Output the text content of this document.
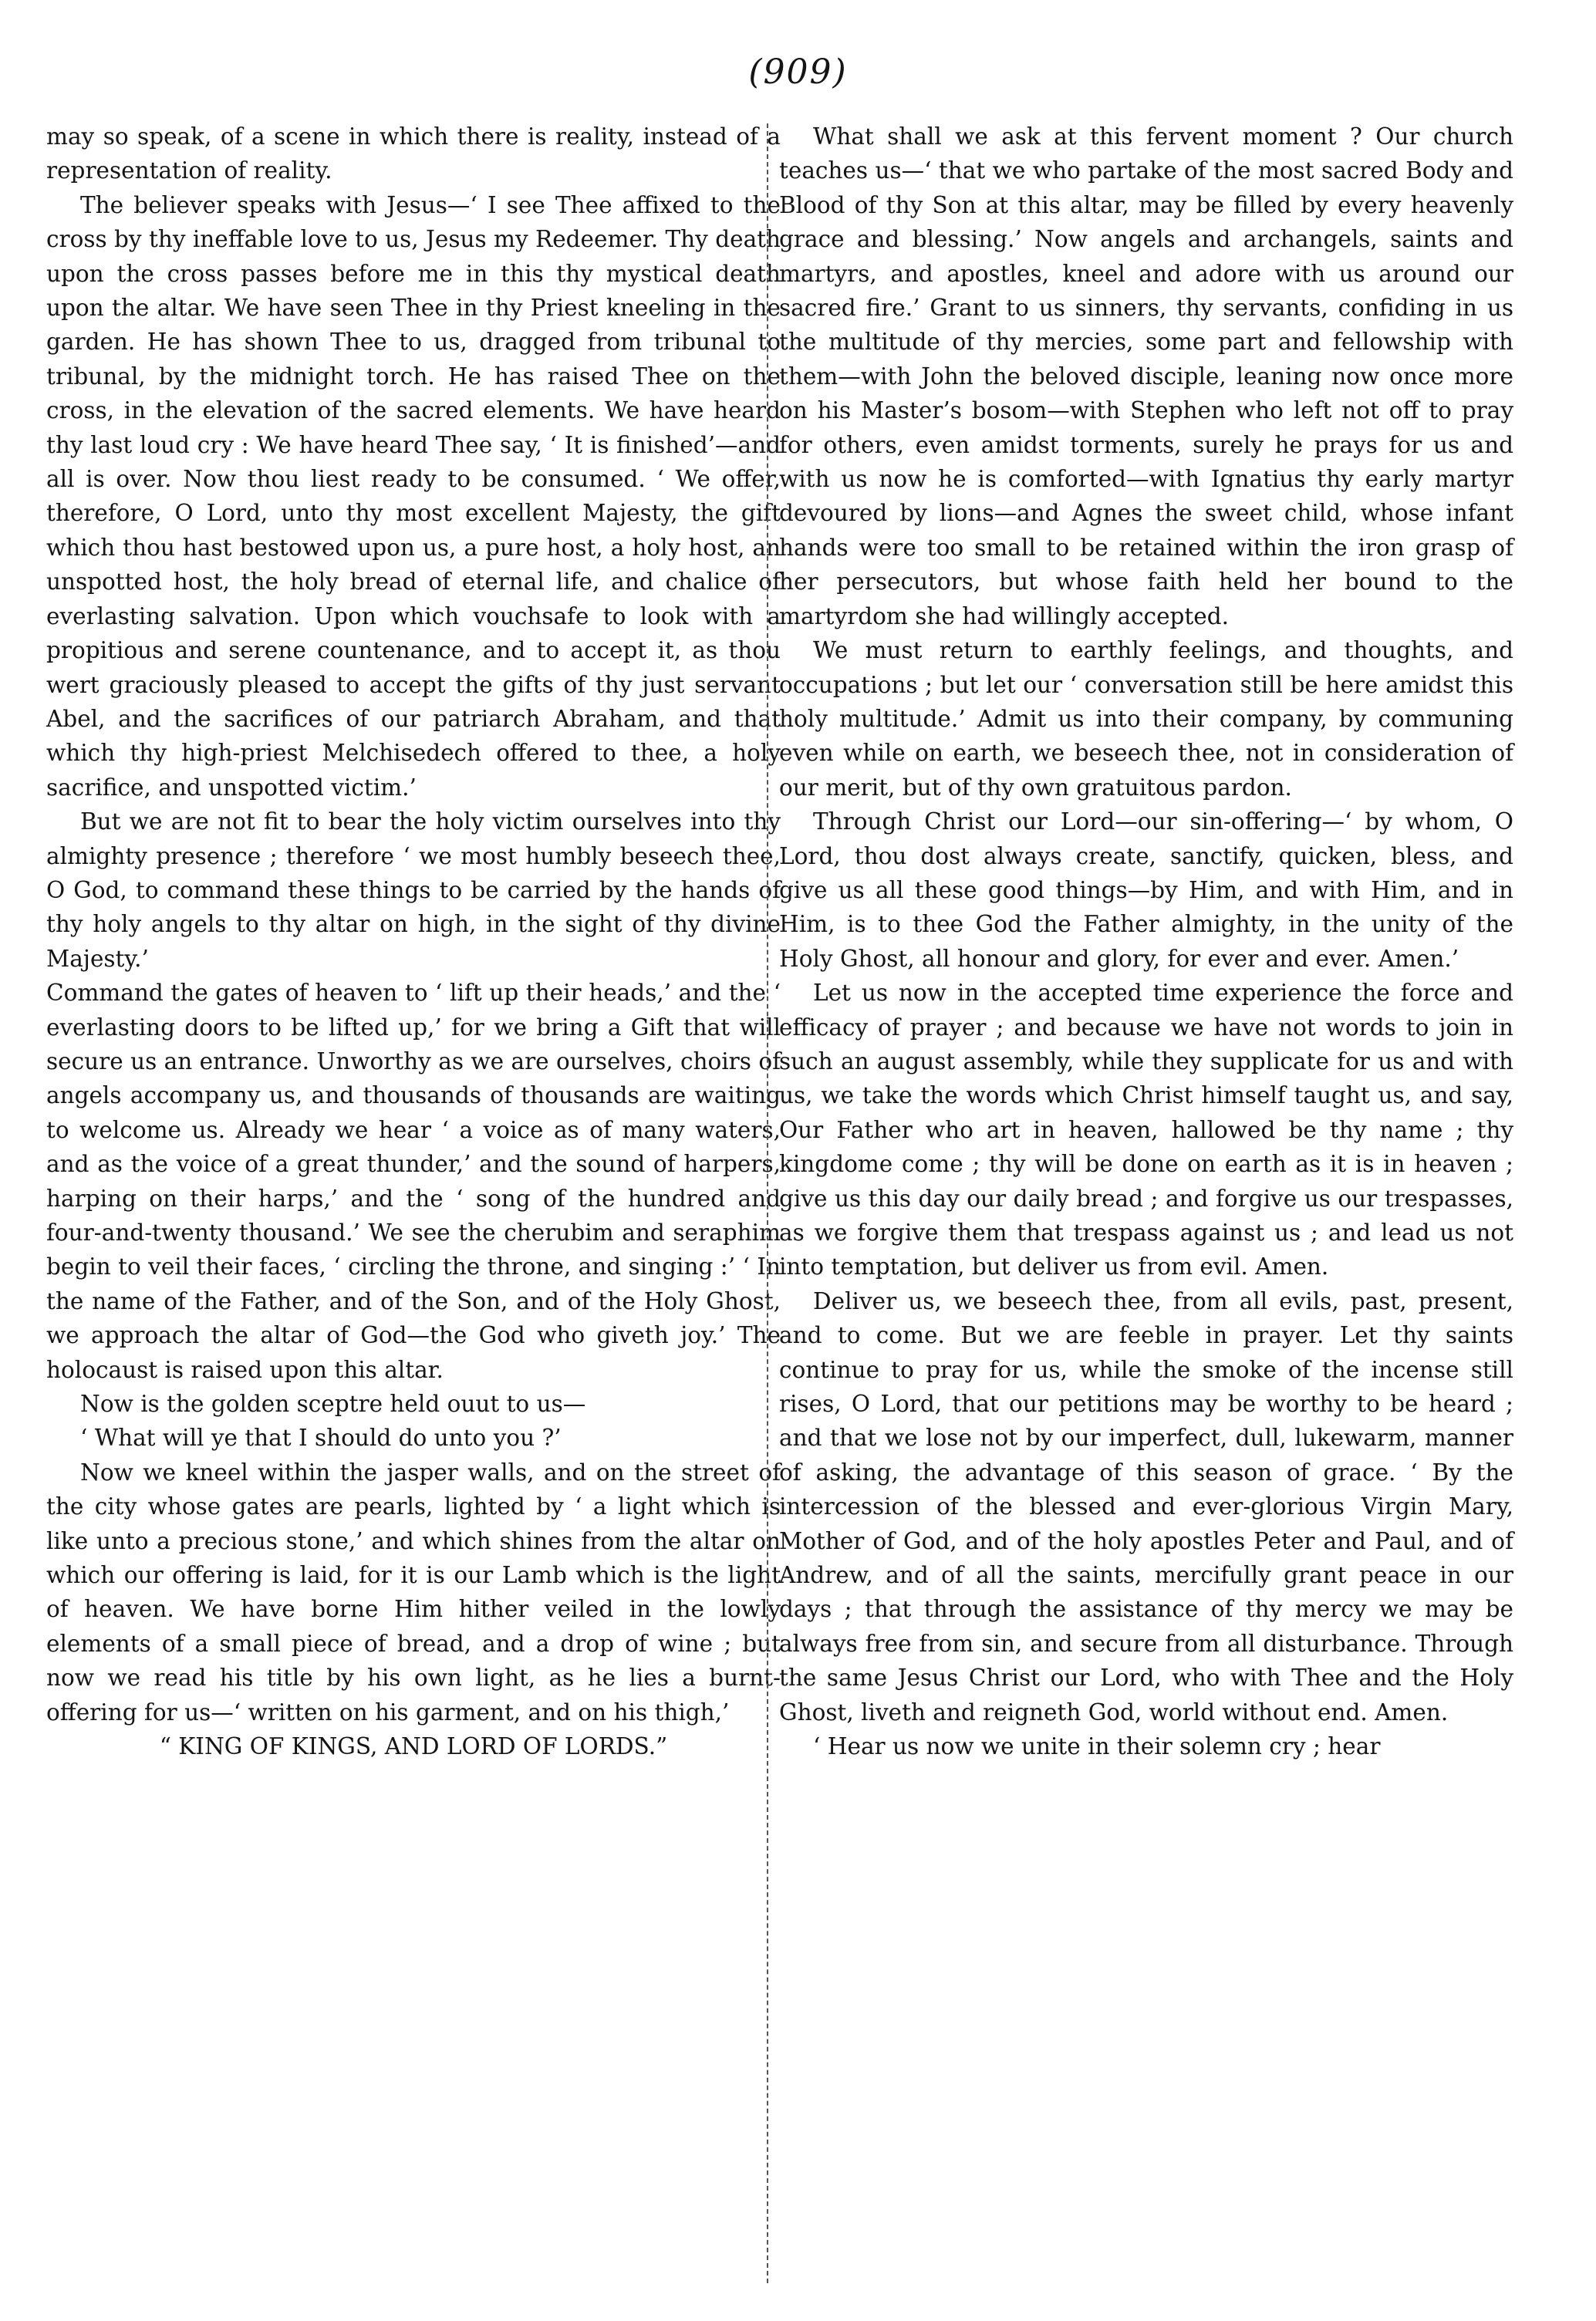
(909)

may so speak, of a scene in which there is reality, instead of a representation of reality.

The believer speaks with Jesus—‘ I see Thee affixed to the cross by thy ineffable love to us, Jesus my Redeemer. Thy death upon the cross passes before me in this thy mystical death upon the altar. We have seen Thee in thy Priest kneeling in the garden. He has shown Thee to us, dragged from tribunal to tribunal, by the midnight torch. He has raised Thee on the cross, in the elevation of the sacred elements. We have heard thy last loud cry : We have heard Thee say, ‘ It is finished’—and all is over. Now thou liest ready to be consumed. ‘ We offer, therefore, O Lord, unto thy most excellent Majesty, the gift which thou hast bestowed upon us, a pure host, a holy host, an unspotted host, the holy bread of eternal life, and chalice of everlasting salvation. Upon which vouchsafe to look with a propitious and serene countenance, and to accept it, as thou wert graciously pleased to accept the gifts of thy just servant Abel, and the sacrifices of our patriarch Abraham, and that which thy high-priest Melchisedech offered to thee, a holy sacrifice, and unspotted victim.’

But we are not fit to bear the holy victim ourselves into thy almighty presence ; therefore ‘ we most humbly beseech thee, O God, to command these things to be carried by the hands of thy holy angels to thy altar on high, in the sight of thy divine Majesty.’

Command the gates of heaven to ‘ lift up their heads,’ and the ‘ everlasting doors to be lifted up,’ for we bring a Gift that will secure us an entrance. Unworthy as we are ourselves, choirs of angels accompany us, and thousands of thousands are waiting to welcome us. Already we hear ‘ a voice as of many waters, and as the voice of a great thunder,’ and the sound of harpers, harping on their harps,’ and the ‘ song of the hundred and four-and-twenty thousand.’ We see the cherubim and seraphim begin to veil their faces, ‘ circling the throne, and singing :’ ‘ In the name of the Father, and of the Son, and of the Holy Ghost, we approach the altar of God—the God who giveth joy.’ The holocaust is raised upon this altar.

Now is the golden sceptre held ouut to us—

‘ What will ye that I should do unto you ?’

Now we kneel within the jasper walls, and on the street of the city whose gates are pearls, lighted by ‘ a light which is like unto a precious stone,’ and which shines from the altar on which our offering is laid, for it is our Lamb which is the light of heaven. We have borne Him hither veiled in the lowly elements of a small piece of bread, and a drop of wine ; but now we read his title by his own light, as he lies a burnt-offering for us—‘ written on his garment, and on his thigh,’

“ KING OF KINGS, AND LORD OF LORDS.”

What shall we ask at this fervent moment ? Our church teaches us—‘ that we who partake of the most sacred Body and Blood of thy Son at this altar, may be filled by every heavenly grace and blessing.’ Now angels and archangels, saints and martyrs, and apostles, kneel and adore with us around our sacred fire.’ Grant to us sinners, thy servants, confiding in us the multitude of thy mercies, some part and fellowship with them—with John the beloved disciple, leaning now once more on his Master’s bosom—with Stephen who left not off to pray for others, even amidst torments, surely he prays for us and with us now he is comforted—with Ignatius thy early martyr devoured by lions—and Agnes the sweet child, whose infant hands were too small to be retained within the iron grasp of her persecutors, but whose faith held her bound to the martyrdom she had willingly accepted.

We must return to earthly feelings, and thoughts, and occupations ; but let our ‘ conversation still be here amidst this holy multitude.’ Admit us into their company, by communing even while on earth, we beseech thee, not in consideration of our merit, but of thy own gratuitous pardon.

Through Christ our Lord—our sin-offering—‘ by whom, O Lord, thou dost always create, sanctify, quicken, bless, and give us all these good things—by Him, and with Him, and in Him, is to thee God the Father almighty, in the unity of the Holy Ghost, all honour and glory, for ever and ever. Amen.’

Let us now in the accepted time experience the force and efficacy of prayer ; and because we have not words to join in such an august assembly, while they supplicate for us and with us, we take the words which Christ himself taught us, and say, Our Father who art in heaven, hallowed be thy name ; thy kingdome come ; thy will be done on earth as it is in heaven ; give us this day our daily bread ; and forgive us our trespasses, as we forgive them that trespass against us ; and lead us not into temptation, but deliver us from evil. Amen.

Deliver us, we beseech thee, from all evils, past, present, and to come. But we are feeble in prayer. Let thy saints continue to pray for us, while the smoke of the incense still rises, O Lord, that our petitions may be worthy to be heard ; and that we lose not by our imperfect, dull, lukewarm, manner of asking, the advantage of this season of grace. ‘ By the intercession of the blessed and ever-glorious Virgin Mary, Mother of God, and of the holy apostles Peter and Paul, and of Andrew, and of all the saints, mercifully grant peace in our days ; that through the assistance of thy mercy we may be always free from sin, and secure from all disturbance. Through the same Jesus Christ our Lord, who with Thee and the Holy Ghost, liveth and reigneth God, world without end. Amen.

‘ Hear us now we unite in their solemn cry ; hear
